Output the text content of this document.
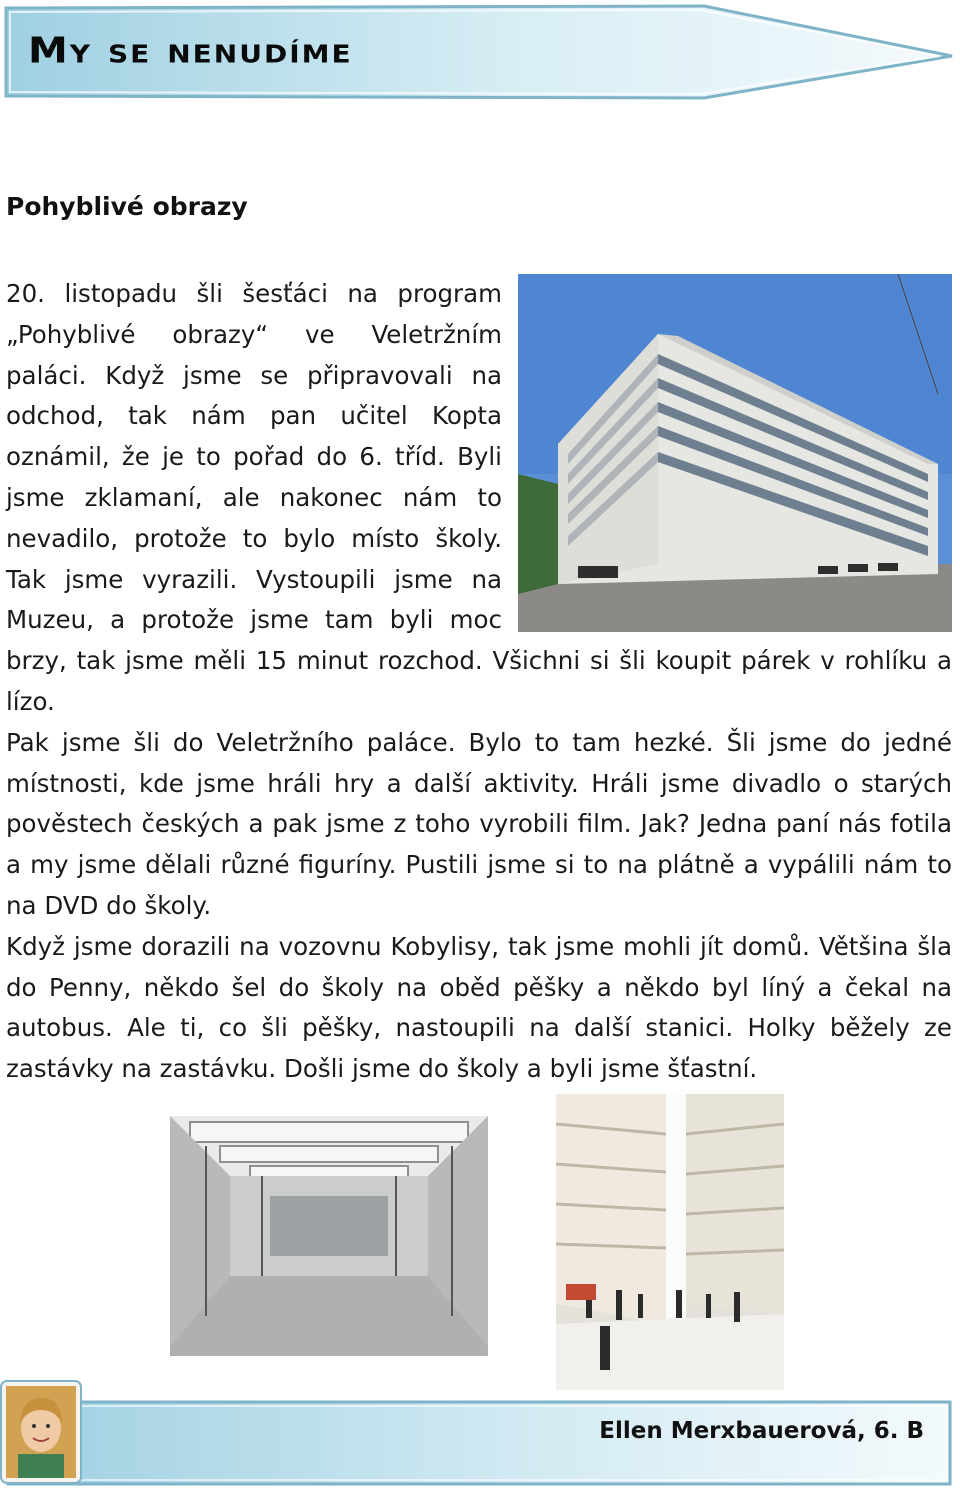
My se nenudíme
Pohyblivé obrazy

20. listopadu šli šesťáci na program „Pohyblivé obrazy“ ve Veletržním paláci. Když jsme se připravovali na odchod, tak nám pan učitel Kopta oznámil, že je to pořad do 6. tříd. Byli jsme zklamaní, ale nakonec nám to nevadilo, protože to bylo místo školy. Tak jsme vyrazili. Vystoupili jsme na Muzeu, a protože jsme tam byli moc brzy, tak jsme měli 15 minut rozchod. Všichni si šli koupit párek v rohlíku a lízo.

Pak jsme šli do Veletržního paláce. Bylo to tam hezké. Šli jsme do jedné místnosti, kde jsme hráli hry a další aktivity. Hráli jsme divadlo o starých pověstech českých a pak jsme z toho vyrobili film. Jak? Jedna paní nás fotila a my jsme dělali různé figuríny. Pustili jsme si to na plátně a vypálili nám to na DVD do školy.

Když jsme dorazili na vozovnu Kobylisy, tak jsme mohli jít domů. Většina šla do Penny, někdo šel do školy na oběd pěšky a někdo byl líný a čekal na autobus. Ale ti, co šli pěšky, nastoupili na další stanici. Holky běžely ze zastávky na zastávku. Došli jsme do školy a byli jsme šťastní.

Ellen Merxbauerová, 6. B
